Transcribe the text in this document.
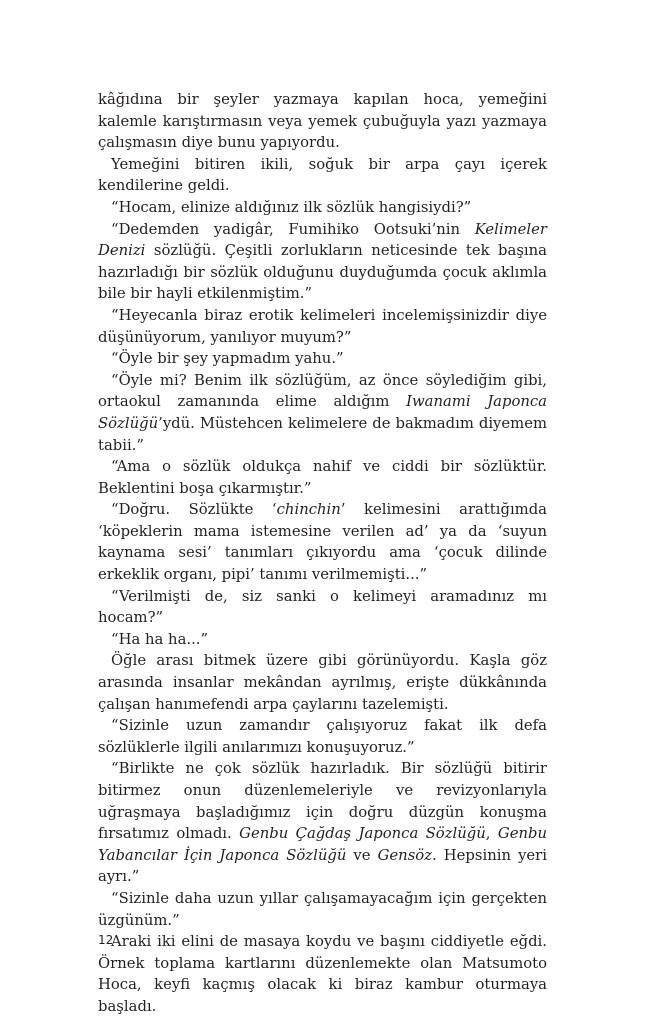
kâğıdına bir şeyler yazmaya kapılan hoca, yemeğini kalemle karıştırmasın veya yemek çubuğuyla yazı yazmaya çalışmasın diye bunu yapıyordu.

Yemeğini bitiren ikili, soğuk bir arpa çayı içerek kendilerine geldi.

“Hocam, elinize aldığınız ilk sözlük hangisiydi?”

“Dedemden yadigâr, Fumihiko Ootsuki’nin Kelimeler Denizi sözlüğü. Çeşitli zorlukların neticesinde tek başına hazırladığı bir sözlük olduğunu duyduğumda çocuk aklımla bile bir hayli etkilenmiştim.”

“Heyecanla biraz erotik kelimeleri incelemişsinizdir diye düşünüyorum, yanılıyor muyum?”

“Öyle bir şey yapmadım yahu.”

“Öyle mi? Benim ilk sözlüğüm, az önce söylediğim gibi, ortaokul zamanında elime aldığım Iwanami Japonca Sözlüğü’ydü. Müstehcen kelimelere de bakmadım diyemem tabii.”

“Ama o sözlük oldukça nahif ve ciddi bir sözlüktür. Beklentini boşa çıkarmıştır.”

“Doğru. Sözlükte ‘chinchin’ kelimesini arattığımda ‘köpeklerin mama istemesine verilen ad’ ya da ‘suyun kaynama sesi’ tanımları çıkıyordu ama ‘çocuk dilinde erkeklik organı, pipi’ tanımı verilmemişti...”

“Verilmişti de, siz sanki o kelimeyi aramadınız mı hocam?”

“Ha ha ha...”

Öğle arası bitmek üzere gibi görünüyordu. Kaşla göz arasında insanlar mekândan ayrılmış, erişte dükkânında çalışan hanımefendi arpa çaylarını tazelemişti.

“Sizinle uzun zamandır çalışıyoruz fakat ilk defa sözlüklerle ilgili anılarımızı konuşuyoruz.”

“Birlikte ne çok sözlük hazırladık. Bir sözlüğü bitirir bitirmez onun düzenlemeleriyle ve revizyonlarıyla uğraşmaya başladığımız için doğru düzgün konuşma fırsatımız olmadı. Genbu Çağdaş Japonca Sözlüğü, Genbu Yabancılar İçin Japonca Sözlüğü ve Gensöz. Hepsinin yeri ayrı.”

“Sizinle daha uzun yıllar çalışamayacağım için gerçekten üzgünüm.”

Araki iki elini de masaya koydu ve başını ciddiyetle eğdi. Örnek toplama kartlarını düzenlemekte olan Matsumoto Hoca, keyfi kaçmış olacak ki biraz kambur oturmaya başladı.

12
